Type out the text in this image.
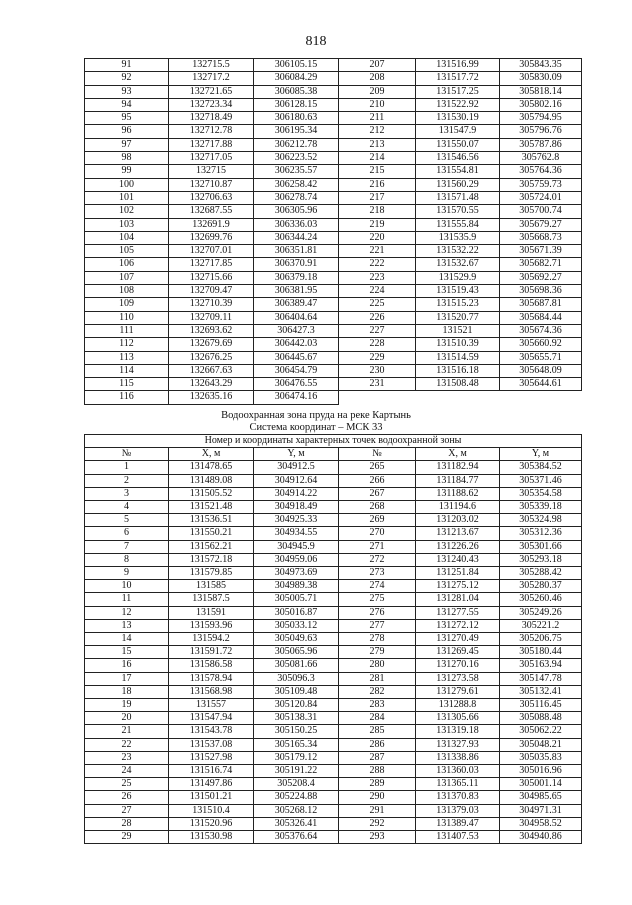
818
91	132715.5	306105.15	207	131516.99	305843.35
92	132717.2	306084.29	208	131517.72	305830.09
93	132721.65	306085.38	209	131517.25	305818.14
94	132723.34	306128.15	210	131522.92	305802.16
95	132718.49	306180.63	211	131530.19	305794.95
96	132712.78	306195.34	212	131547.9	305796.76
97	132717.88	306212.78	213	131550.07	305787.86
98	132717.05	306223.52	214	131546.56	305762.8
99	132715	306235.57	215	131554.81	305764.36
100	132710.87	306258.42	216	131560.29	305759.73
101	132706.63	306278.74	217	131571.48	305724.01
102	132687.55	306305.96	218	131570.55	305700.74
103	132691.9	306336.03	219	131555.84	305679.27
104	132699.76	306344.24	220	131535.9	305668.73
105	132707.01	306351.81	221	131532.22	305671.39
106	132717.85	306370.91	222	131532.67	305682.71
107	132715.66	306379.18	223	131529.9	305692.27
108	132709.47	306381.95	224	131519.43	305698.36
109	132710.39	306389.47	225	131515.23	305687.81
110	132709.11	306404.64	226	131520.77	305684.44
111	132693.62	306427.3	227	131521	305674.36
112	132679.69	306442.03	228	131510.39	305660.92
113	132676.25	306445.67	229	131514.59	305655.71
114	132667.63	306454.79	230	131516.18	305648.09
115	132643.29	306476.55	231	131508.48	305644.61
116	132635.16	306474.16			
Водоохранная зона пруда на реке Картынь
Система координат – МСК 33
Номер и координаты характерных точек водоохранной зоны					
№	X, м	Y, м	№	X, м	Y, м
1	131478.65	304912.5	265	131182.94	305384.52
2	131489.08	304912.64	266	131184.77	305371.46
3	131505.52	304914.22	267	131188.62	305354.58
4	131521.48	304918.49	268	131194.6	305339.18
5	131536.51	304925.33	269	131203.02	305324.98
6	131550.21	304934.55	270	131213.67	305312.36
7	131562.21	304945.9	271	131226.26	305301.66
8	131572.18	304959.06	272	131240.43	305293.18
9	131579.85	304973.69	273	131251.84	305288.42
10	131585	304989.38	274	131275.12	305280.37
11	131587.5	305005.71	275	131281.04	305260.46
12	131591	305016.87	276	131277.55	305249.26
13	131593.96	305033.12	277	131272.12	305221.2
14	131594.2	305049.63	278	131270.49	305206.75
15	131591.72	305065.96	279	131269.45	305180.44
16	131586.58	305081.66	280	131270.16	305163.94
17	131578.94	305096.3	281	131273.58	305147.78
18	131568.98	305109.48	282	131279.61	305132.41
19	131557	305120.84	283	131288.8	305116.45
20	131547.94	305138.31	284	131305.66	305088.48
21	131543.78	305150.25	285	131319.18	305062.22
22	131537.08	305165.34	286	131327.93	305048.21
23	131527.98	305179.12	287	131338.86	305035.83
24	131516.74	305191.22	288	131360.03	305016.96
25	131497.86	305208.4	289	131365.11	305001.14
26	131501.21	305224.88	290	131370.83	304985.65
27	131510.4	305268.12	291	131379.03	304971.31
28	131520.96	305326.41	292	131389.47	304958.52
29	131530.98	305376.64	293	131407.53	304940.86
